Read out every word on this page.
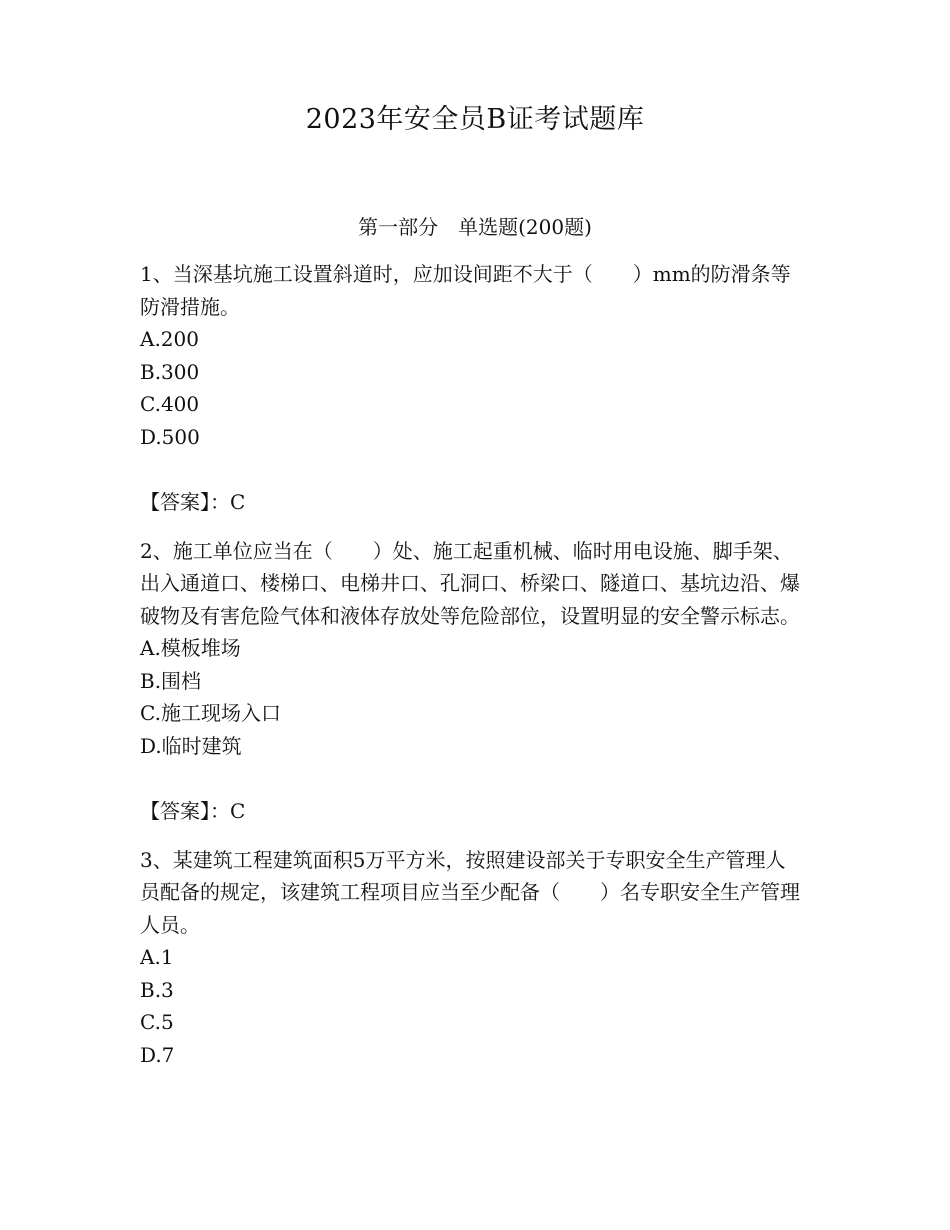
2023年安全员B证考试题库
第一部分　单选题(200题)
1、当深基坑施工设置斜道时，应加设间距不大于（　　）mm的防滑条等防滑措施。
A.200
B.300
C.400
D.500
【答案】：C
2、施工单位应当在（　　）处、施工起重机械、临时用电设施、脚手架、出入通道口、楼梯口、电梯井口、孔洞口、桥梁口、隧道口、基坑边沿、爆破物及有害危险气体和液体存放处等危险部位，设置明显的安全警示标志。
A.模板堆场
B.围档
C.施工现场入口
D.临时建筑
【答案】：C
3、某建筑工程建筑面积5万平方米，按照建设部关于专职安全生产管理人员配备的规定，该建筑工程项目应当至少配备（　　）名专职安全生产管理人员。
A.1
B.3
C.5
D.7
